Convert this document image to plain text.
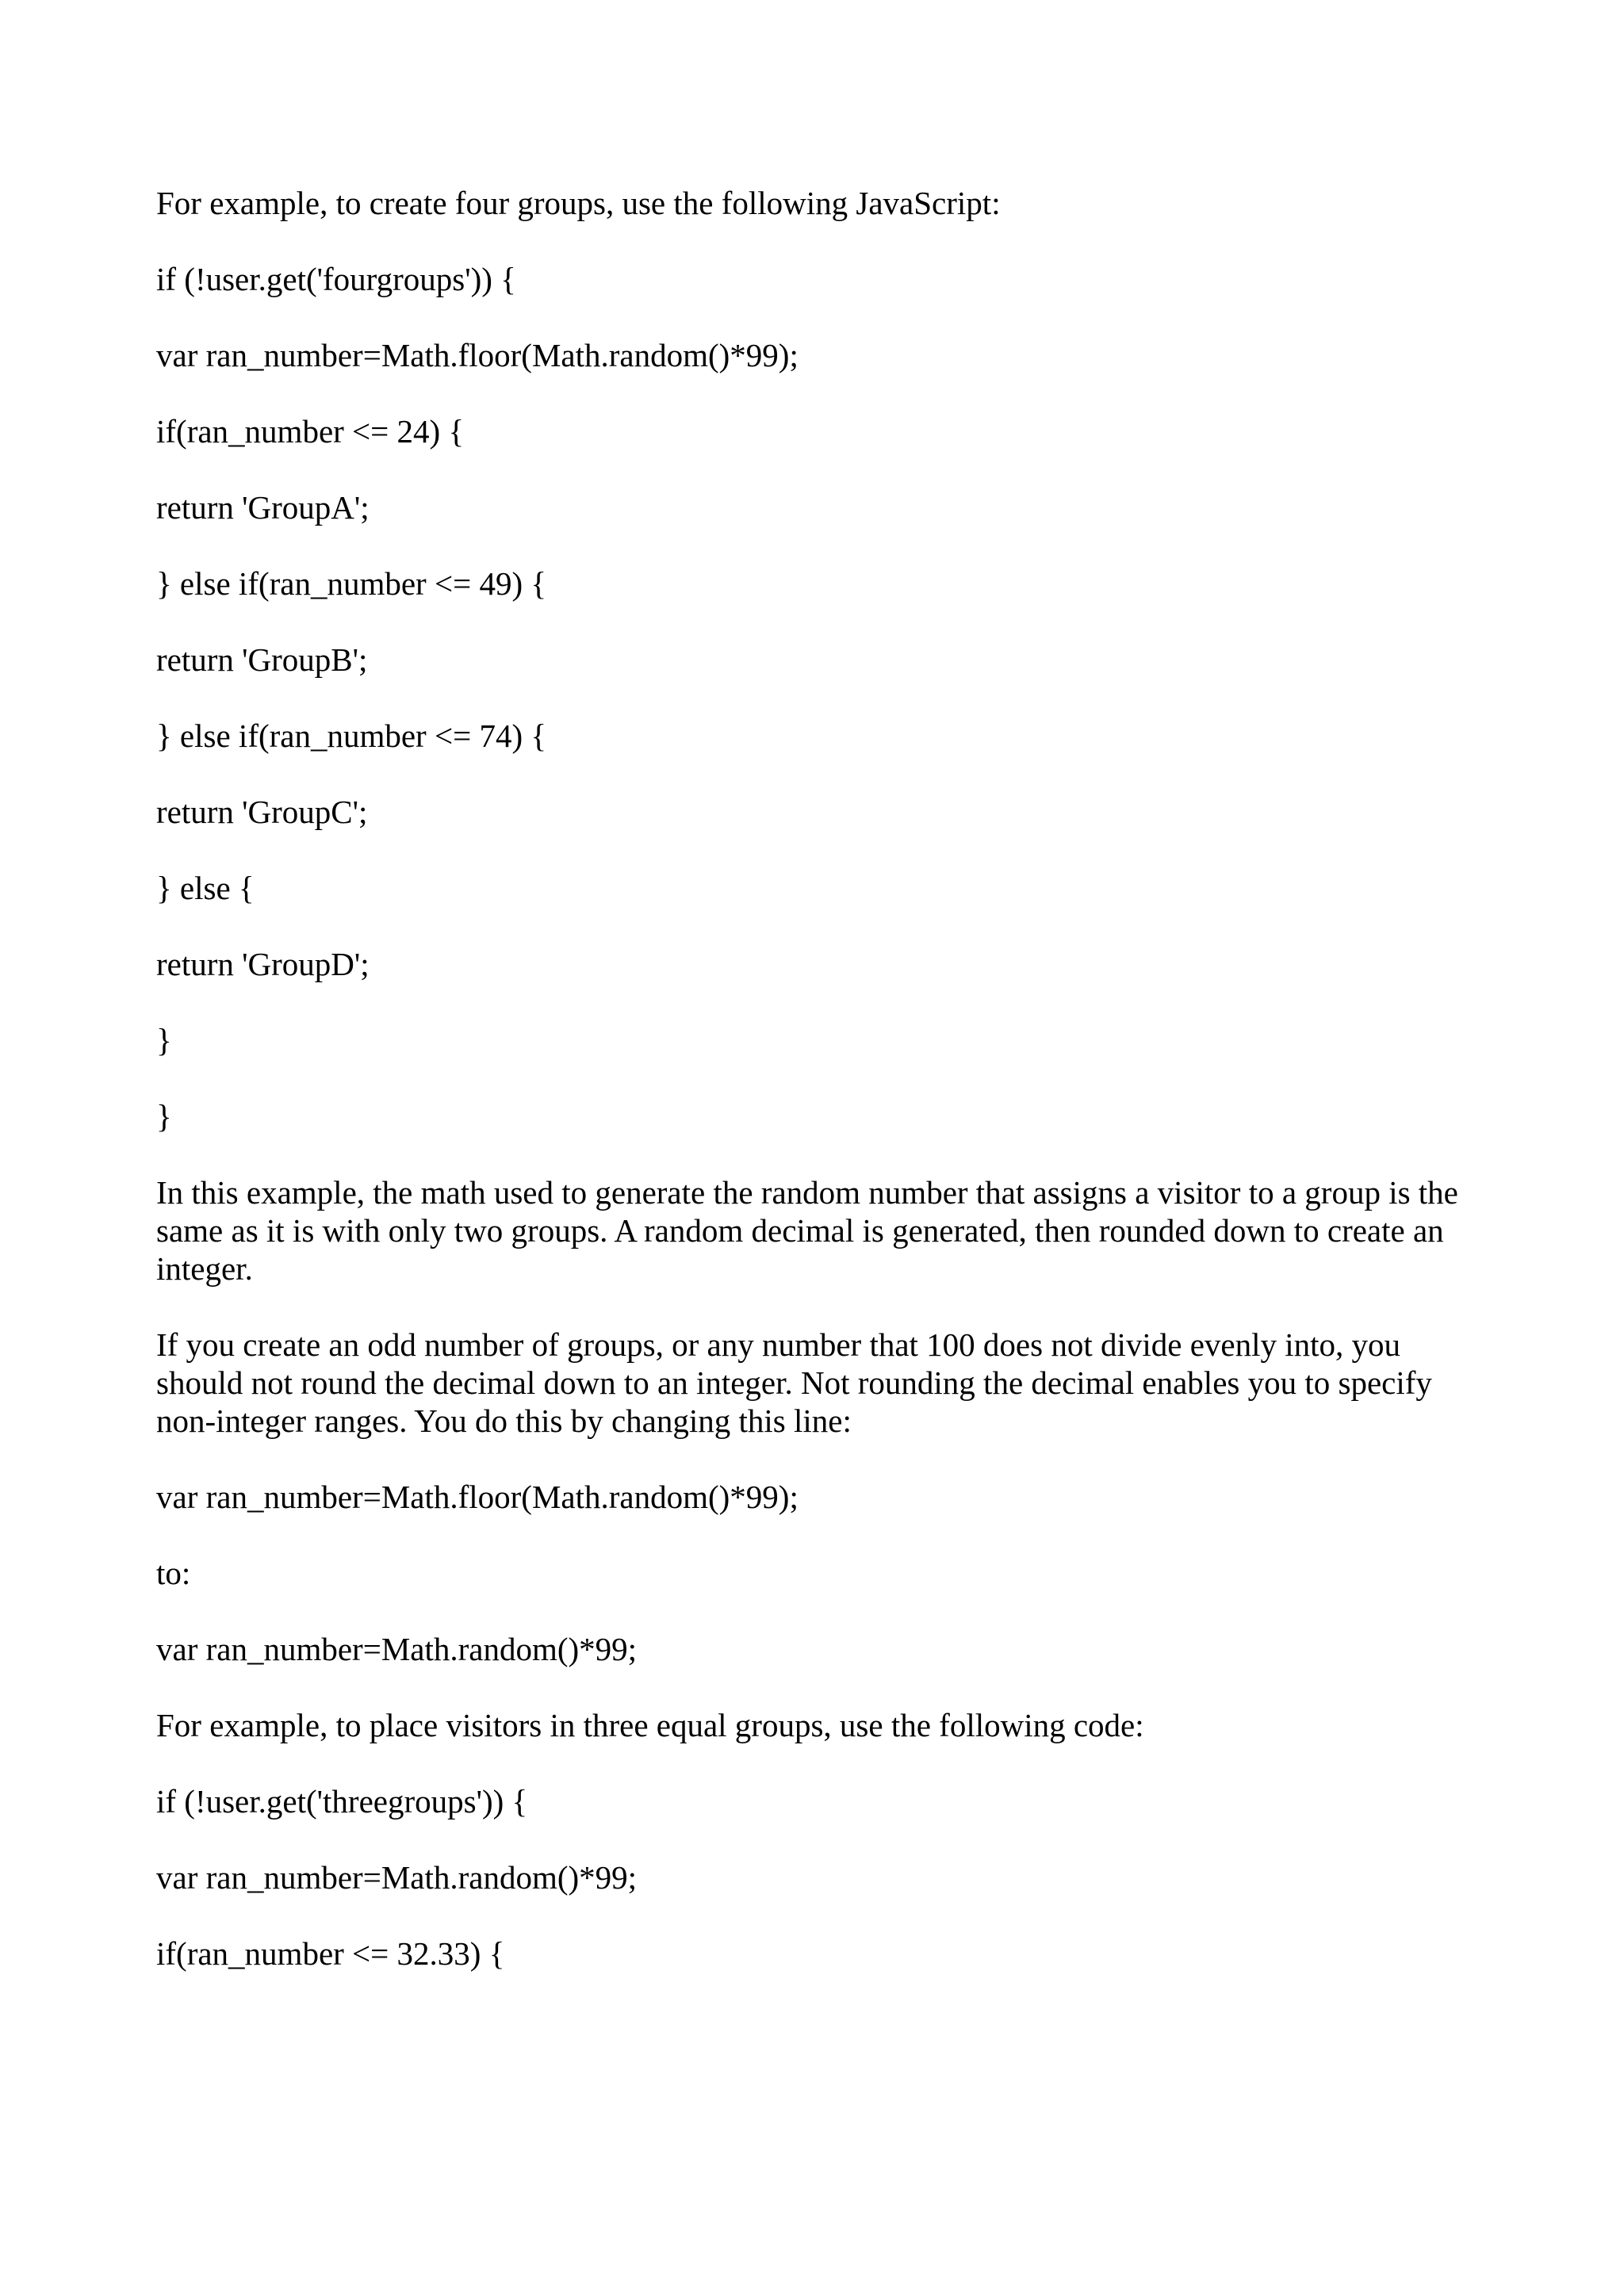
For example, to create four groups, use the following JavaScript:
if (!user.get('fourgroups')) {
var ran_number=Math.floor(Math.random()*99);
if(ran_number <= 24) {
return 'GroupA';
} else if(ran_number <= 49) {
return 'GroupB';
} else if(ran_number <= 74) {
return 'GroupC';
} else {
return 'GroupD';
}
}

In this example, the math used to generate the random number that assigns a visitor to a group is the same as it is with only two groups. A random decimal is generated, then rounded down to create an integer.

If you create an odd number of groups, or any number that 100 does not divide evenly into, you should not round the decimal down to an integer. Not rounding the decimal enables you to specify non-integer ranges. You do this by changing this line:

var ran_number=Math.floor(Math.random()*99);
to:
var ran_number=Math.random()*99;

For example, to place visitors in three equal groups, use the following code:

if (!user.get('threegroups')) {
var ran_number=Math.random()*99;
if(ran_number <= 32.33) {
